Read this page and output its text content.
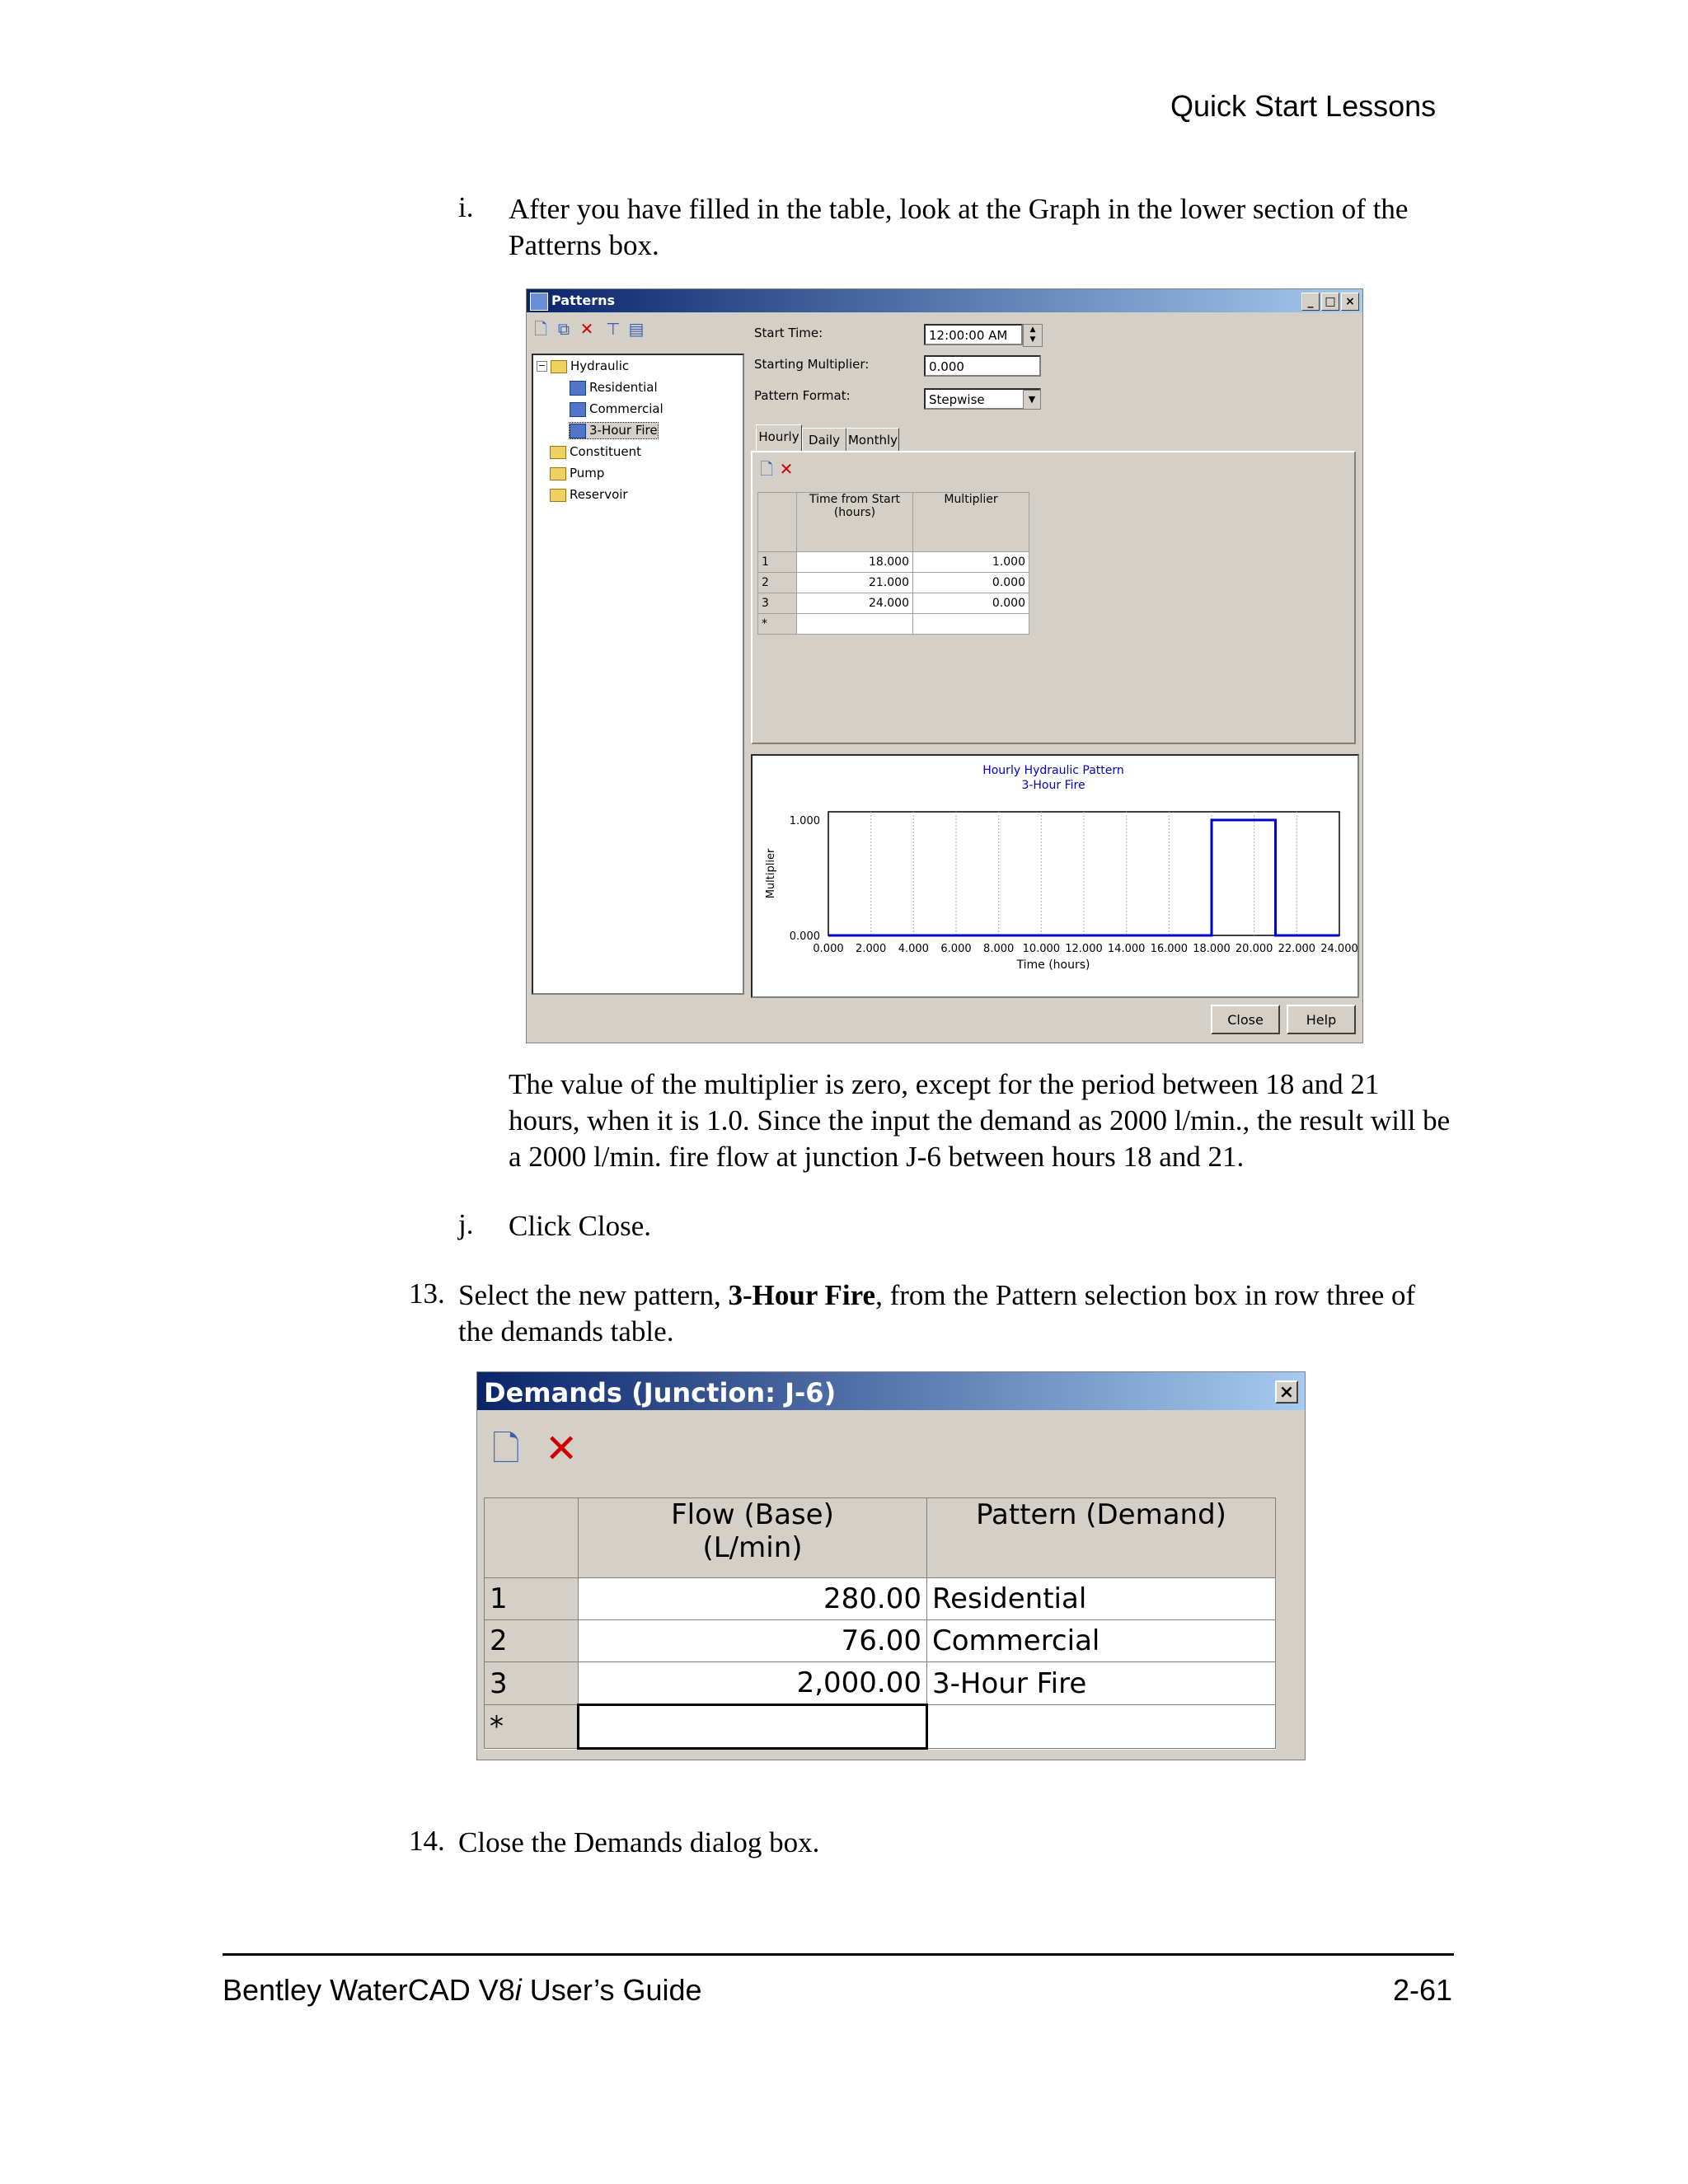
Quick Start Lessons
i. After you have filled in the table, look at the Graph in the lower section of the Patterns box.
Patterns	_ □ ×
🗋 ⧉ ✕ ⊤ ▤
− Hydraulic
Residential
Commercial
3-Hour Fire
Constituent
Pump
Reservoir
Start Time:	12:00:00 AM	▲
▼
Starting Multiplier:	0.000
Pattern Format:	Stepwise	▼
Hourly Daily Monthly
🗋 ✕
	Time from Start
(hours)	Multiplier
1	18.000	1.000
2	21.000	0.000
3	24.000	0.000
*		
Hourly Hydraulic Pattern
3-Hour Fire
0.000 2.000 4.000 6.000 8.000 10.000 12.000 14.000 16.000 18.000 20.000 22.000 24.000
0.000
1.000
Time (hours)
Multiplier
Close	Help
The value of the multiplier is zero, except for the period between 18 and 21 hours, when it is 1.0. Since the input the demand as 2000 l/min., the result will be a 2000 l/min. fire flow at junction J-6 between hours 18 and 21.
j. Click Close.
13. Select the new pattern, 3-Hour Fire, from the Pattern selection box in row three of the demands table.
Demands (Junction: J-6)	×
🗋 ✕
	Flow (Base)
(L/min)	Pattern (Demand)
1	280.00	Residential
2	76.00	Commercial
3	2,000.00	3-Hour Fire
*		
14. Close the Demands dialog box.
Bentley WaterCAD V8i User’s Guide	2-61
